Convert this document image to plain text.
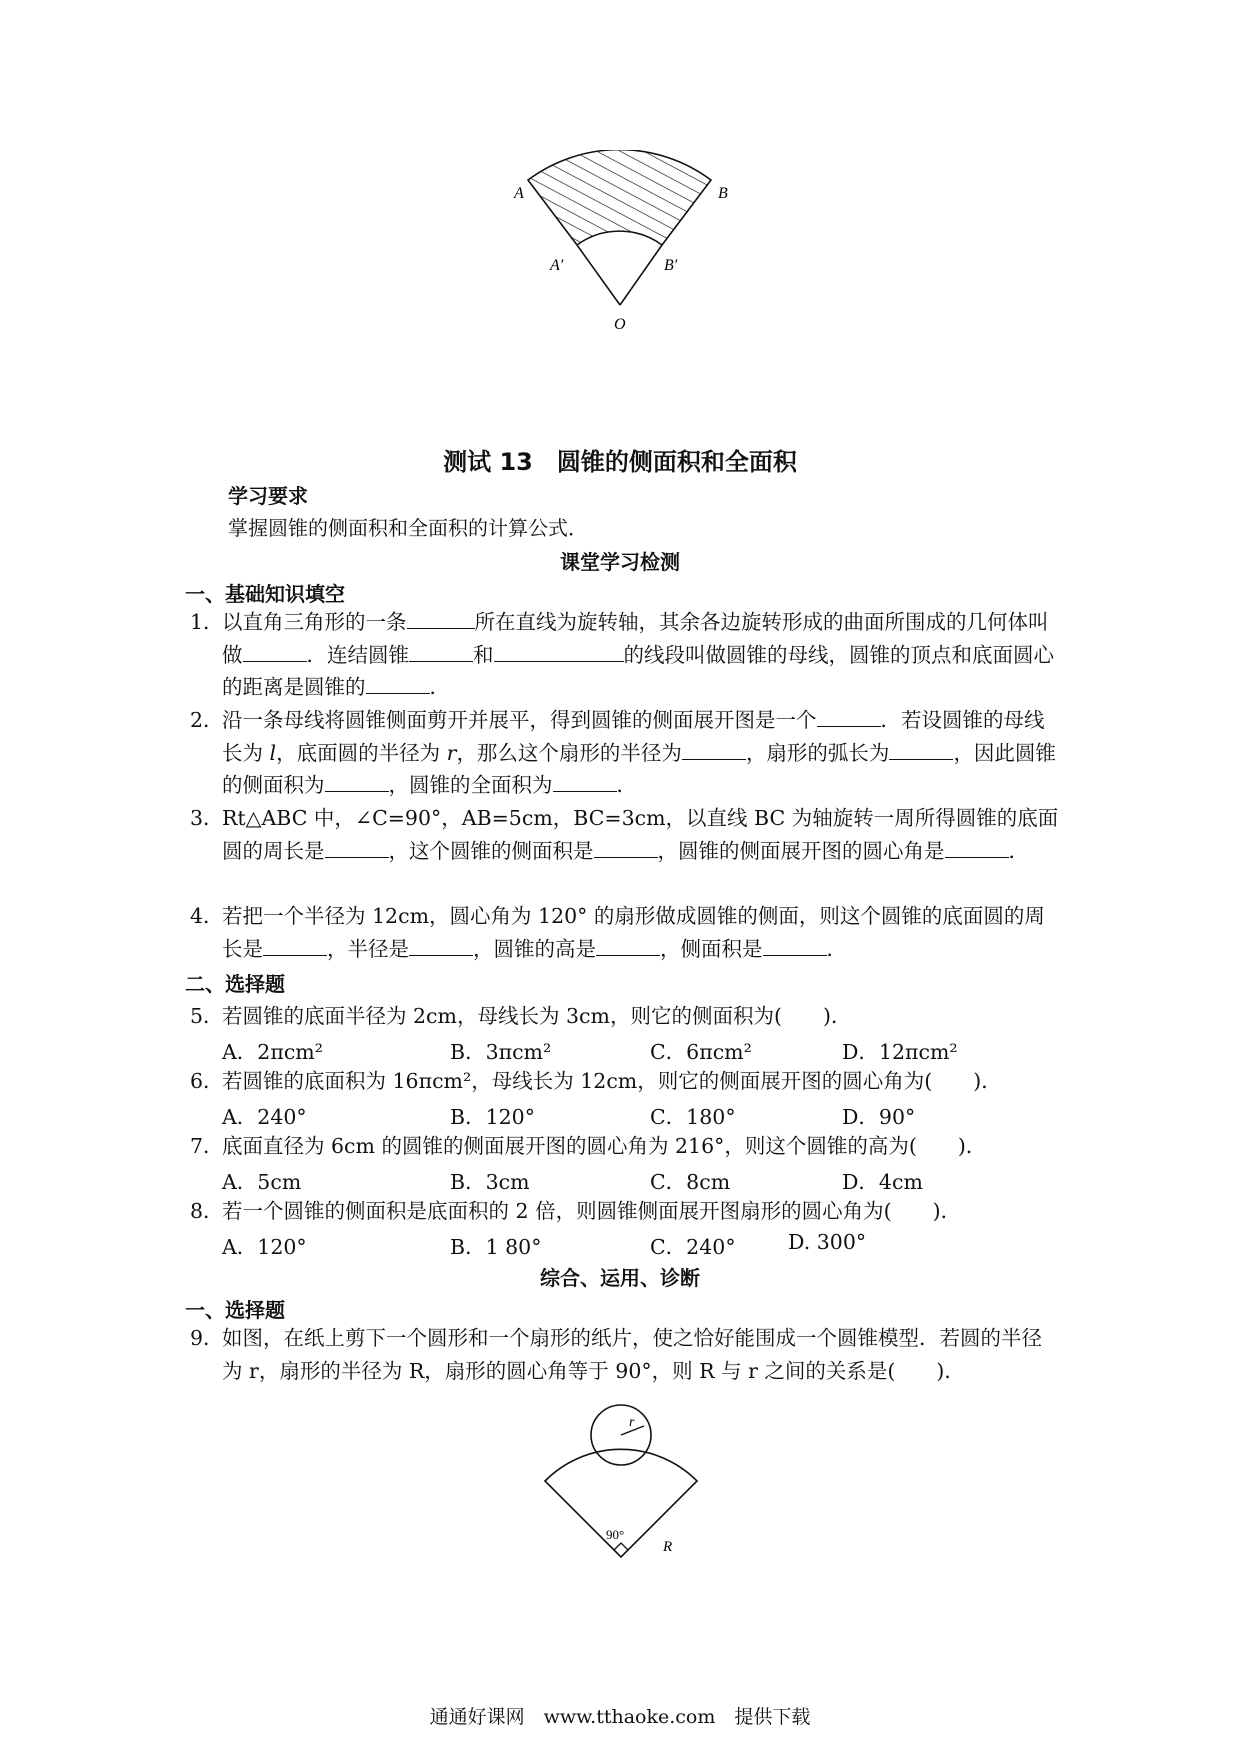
A	B
A′	B′
O
测试 13　圆锥的侧面积和全面积
学习要求
掌握圆锥的侧面积和全面积的计算公式．
课堂学习检测
一、基础知识填空
1．
以直角三角形的一条	所在直线为旋转轴，其余各边旋转形成的曲面所围成的几何体叫做	．连结圆锥	和	的线段叫做圆锥的母线，圆锥的顶点和底面圆心的距离是圆锥的	．
2．
沿一条母线将圆锥侧面剪开并展平，得到圆锥的侧面展开图是一个	．若设圆锥的母线长为 l，底面圆的半径为 r，那么这个扇形的半径为	，扇形的弧长为	，因此圆锥的侧面积为	，圆锥的全面积为	．
3．
Rt△ABC 中，∠C=90°，AB=5cm，BC=3cm，以直线 BC 为轴旋转一周所得圆锥的底面圆的周长是	，这个圆锥的侧面积是	，圆锥的侧面展开图的圆心角是	．
4．
若把一个半径为 12cm，圆心角为 120° 的扇形做成圆锥的侧面，则这个圆锥的底面圆的周长是	，半径是	，圆锥的高是	，侧面积是	．
二、选择题
5．
若圆锥的底面半径为 2cm，母线长为 3cm，则它的侧面积为(　　)．
A．2πcm²	B．3πcm²	C．6πcm²	D．12πcm²
6．
若圆锥的底面积为 16πcm²，母线长为 12cm，则它的侧面展开图的圆心角为(　　)．
A．240°	B．120°	C．180°	D．90°
7．
底面直径为 6cm 的圆锥的侧面展开图的圆心角为 216°，则这个圆锥的高为(　　)．
A．5cm	B．3cm	C．8cm	D．4cm
8．
若一个圆锥的侧面积是底面积的 2 倍，则圆锥侧面展开图扇形的圆心角为(　　)．
A．120°	B．1 80°	C．240°	D. 300°
综合、运用、诊断
一、选择题
9．
如图，在纸上剪下一个圆形和一个扇形的纸片，使之恰好能围成一个圆锥模型．若圆的半径为 r，扇形的半径为 R，扇形的圆心角等于 90°，则 R 与 r 之间的关系是(　　)．
r
90°
R
通通好课网　www.tthaoke.com　提供下载
